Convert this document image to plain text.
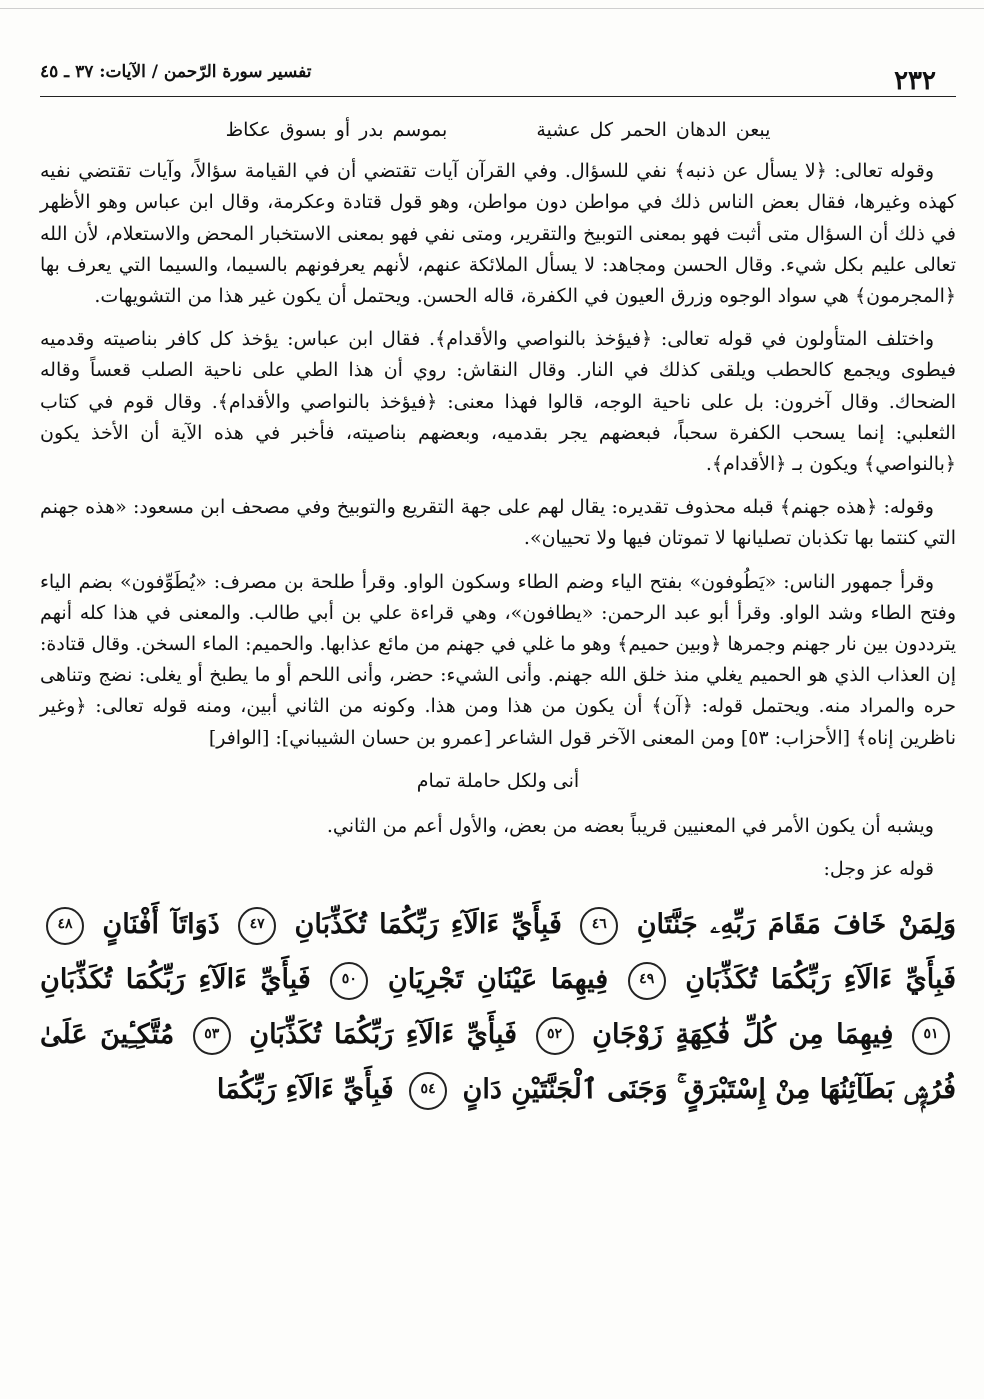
٢٣٢
تفسير سورة الرّحمن / الآيات: ٣٧ ـ ٤٥
يبعن الدهان الحمر كل عشية بموسم بدر أو بسوق عكاظ

وقوله تعالى: ﴿لا يسأل عن ذنبه﴾ نفي للسؤال. وفي القرآن آيات تقتضي أن في القيامة سؤالاً، وآيات تقتضي نفيه كهذه وغيرها، فقال بعض الناس ذلك في مواطن دون مواطن، وهو قول قتادة وعكرمة، وقال ابن عباس وهو الأظهر في ذلك أن السؤال متى أثبت فهو بمعنى التوبيخ والتقرير، ومتى نفي فهو بمعنى الاستخبار المحض والاستعلام، لأن الله تعالى عليم بكل شيء. وقال الحسن ومجاهد: لا يسأل الملائكة عنهم، لأنهم يعرفونهم بالسيما، والسيما التي يعرف بها ﴿المجرمون﴾ هي سواد الوجوه وزرق العيون في الكفرة، قاله الحسن. ويحتمل أن يكون غير هذا من التشويهات.

واختلف المتأولون في قوله تعالى: ﴿فيؤخذ بالنواصي والأقدام﴾. فقال ابن عباس: يؤخذ كل كافر بناصيته وقدميه فيطوى ويجمع كالحطب ويلقى كذلك في النار. وقال النقاش: روي أن هذا الطي على ناحية الصلب قعساً وقاله الضحاك. وقال آخرون: بل على ناحية الوجه، قالوا فهذا معنى: ﴿فيؤخذ بالنواصي والأقدام﴾. وقال قوم في كتاب الثعلبي: إنما يسحب الكفرة سحباً، فبعضهم يجر بقدميه، وبعضهم بناصيته، فأخبر في هذه الآية أن الأخذ يكون ﴿بالنواصي﴾ ويكون بـ ﴿الأقدام﴾.

وقوله: ﴿هذه جهنم﴾ قبله محذوف تقديره: يقال لهم على جهة التقريع والتوبيخ وفي مصحف ابن مسعود: «هذه جهنم التي كنتما بها تكذبان تصليانها لا تموتان فيها ولا تحييان».

وقرأ جمهور الناس: «يَطُوفون» بفتح الياء وضم الطاء وسكون الواو. وقرأ طلحة بن مصرف: «يُطَوِّفون» بضم الياء وفتح الطاء وشد الواو. وقرأ أبو عبد الرحمن: «يطافون»، وهي قراءة علي بن أبي طالب. والمعنى في هذا كله أنهم يترددون بين نار جهنم وجمرها ﴿وبين حميم﴾ وهو ما غلي في جهنم من مائع عذابها. والحميم: الماء السخن. وقال قتادة: إن العذاب الذي هو الحميم يغلي منذ خلق الله جهنم. وأنى الشيء: حضر، وأنى اللحم أو ما يطبخ أو يغلى: نضج وتناهى حره والمراد منه. ويحتمل قوله: ﴿آن﴾ أن يكون من هذا ومن هذا. وكونه من الثاني أبين، ومنه قوله تعالى: ﴿وغير ناظرين إناه﴾ [الأحزاب: ٥٣] ومن المعنى الآخر قول الشاعر [عمرو بن حسان الشيباني]: [الوافر]

أنى ولكل حاملة تمام

ويشبه أن يكون الأمر في المعنيين قريباً بعضه من بعض، والأول أعم من الثاني.

قوله عز وجل:

وَلِمَنْ خَافَ مَقَامَ رَبِّهِۦ جَنَّتَانِ ٤٦ فَبِأَيِّ ءَالَآءِ رَبِّكُمَا تُكَذِّبَانِ ٤٧ ذَوَاتَآ أَفْنَانٍ ٤٨ فَبِأَيِّ ءَالَآءِ رَبِّكُمَا تُكَذِّبَانِ ٤٩ فِيهِمَا عَيْنَانِ تَجْرِيَانِ ٥٠ فَبِأَيِّ ءَالَآءِ رَبِّكُمَا تُكَذِّبَانِ ٥١ فِيهِمَا مِن كُلِّ فَٰكِهَةٍ زَوْجَانِ ٥٢ فَبِأَيِّ ءَالَآءِ رَبِّكُمَا تُكَذِّبَانِ ٥٣ مُتَّكِـِٔينَ عَلَىٰ فُرُشٍۭ بَطَآئِنُهَا مِنْ إِسْتَبْرَقٍ ۚ وَجَنَى ٱلْجَنَّتَيْنِ دَانٍ ٥٤ فَبِأَيِّ ءَالَآءِ رَبِّكُمَا
